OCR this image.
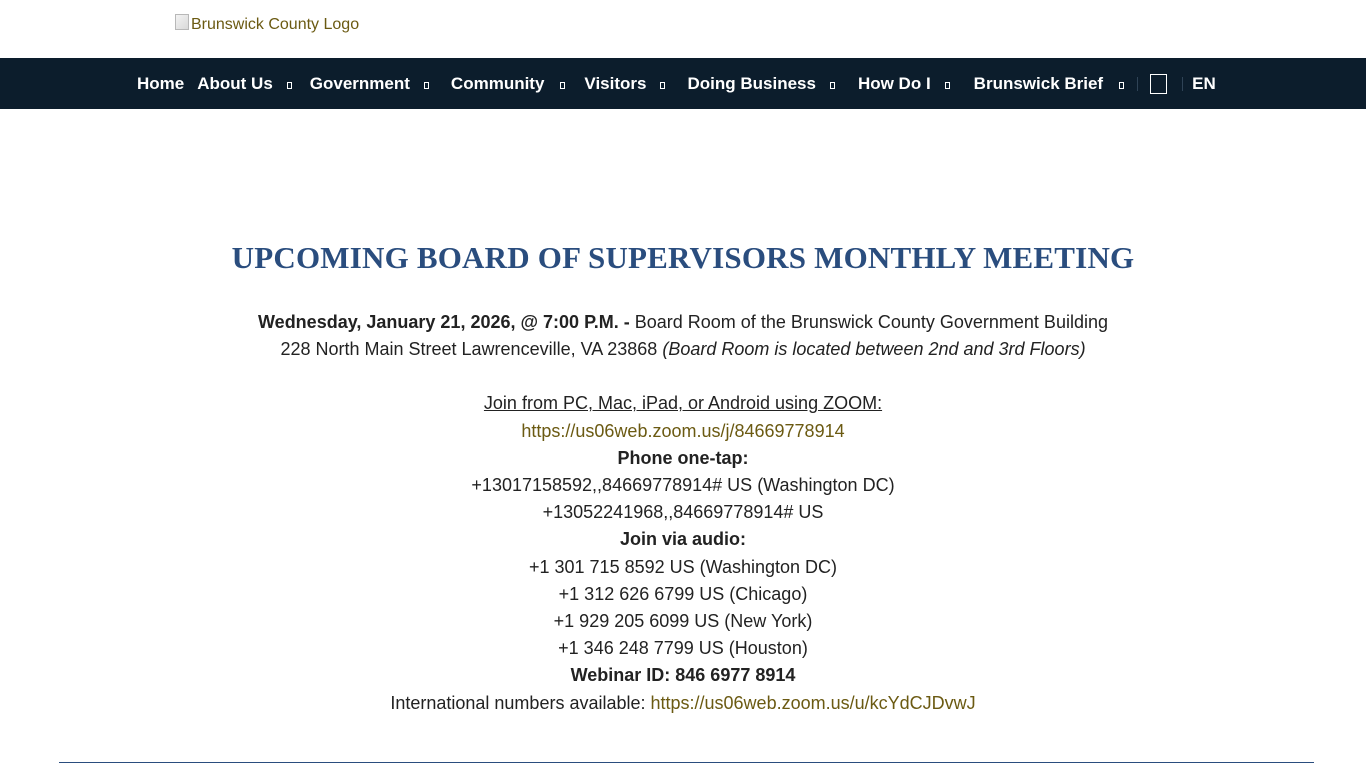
Brunswick County Logo
Home About Us Government Community Visitors Doing Business How Do I	Brunswick Brief	EN
UPCOMING BOARD OF SUPERVISORS MONTHLY MEETING
Wednesday, January 21, 2026, @ 7:00 P.M. - Board Room of the Brunswick County Government Building
228 North Main Street Lawrenceville, VA 23868 (Board Room is located between 2nd and 3rd Floors)
Join from PC, Mac, iPad, or Android using ZOOM:
https://us06web.zoom.us/j/84669778914
Phone one-tap:
+13017158592,,84669778914# US (Washington DC)
+13052241968,,84669778914# US
Join via audio:
+1 301 715 8592 US (Washington DC)
+1 312 626 6799 US (Chicago)
+1 929 205 6099 US (New York)
+1 346 248 7799 US (Houston)
Webinar ID: 846 6977 8914
International numbers available: https://us06web.zoom.us/u/kcYdCJDvwJ
